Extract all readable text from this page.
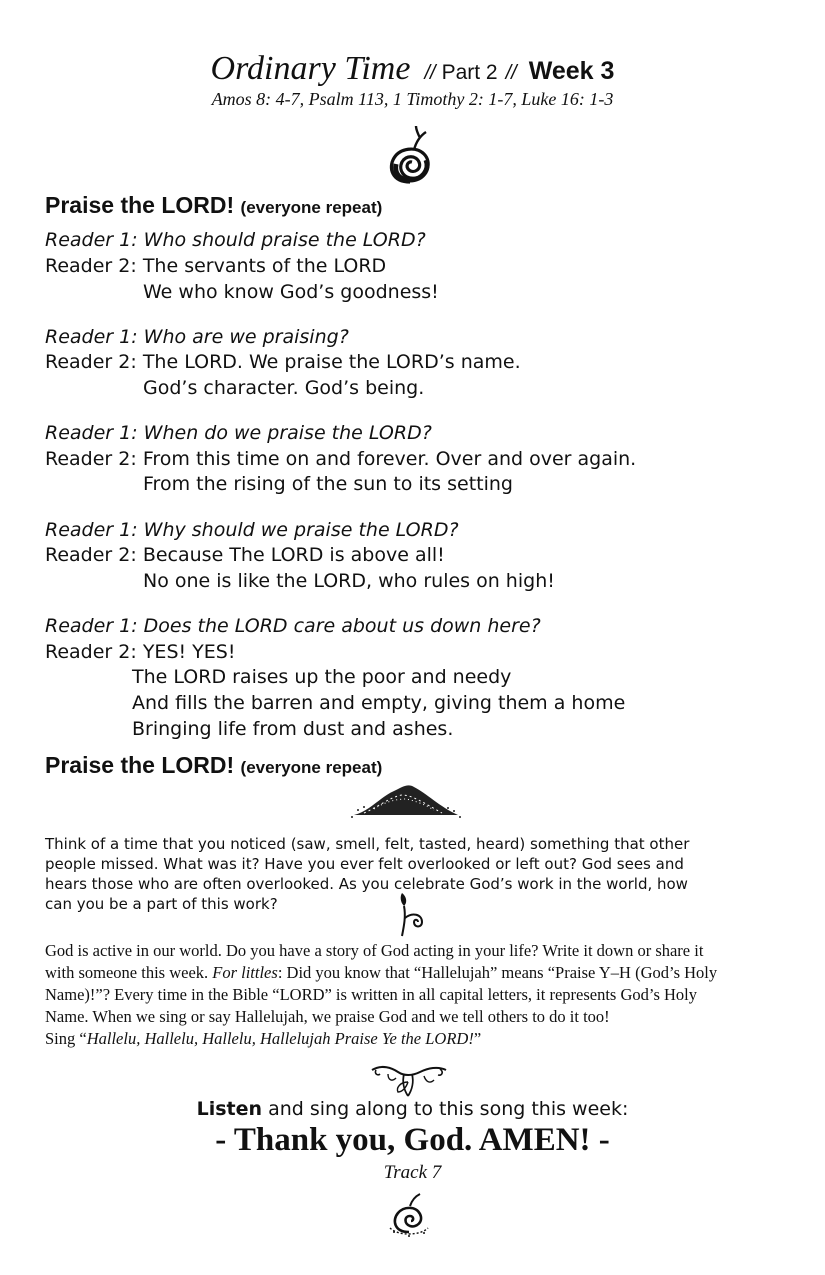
Ordinary Time // Part 2 // Week 3
Amos 8: 4-7, Psalm 113, 1 Timothy 2: 1-7, Luke 16: 1-3
Praise the LORD! (everyone repeat)
Reader 1: Who should praise the LORD?
Reader 2: The servants of the LORD
We who know God’s goodness!
Reader 1: Who are we praising?
Reader 2: The LORD. We praise the LORD’s name.
God’s character. God’s being.
Reader 1: When do we praise the LORD?
Reader 2: From this time on and forever. Over and over again.
From the rising of the sun to its setting
Reader 1: Why should we praise the LORD?
Reader 2: Because The LORD is above all!
No one is like the LORD, who rules on high!
Reader 1: Does the LORD care about us down here?
Reader 2: YES! YES!
The LORD raises up the poor and needy
And fills the barren and empty, giving them a home
Bringing life from dust and ashes.
Praise the LORD! (everyone repeat)
Think of a time that you noticed (saw, smell, felt, tasted, heard) something that other
people missed. What was it? Have you ever felt overlooked or left out? God sees and
hears those who are often overlooked. As you celebrate God’s work in the world, how
can you be a part of this work?
God is active in our world. Do you have a story of God acting in your life? Write it down or share it
with someone this week. For littles: Did you know that “Hallelujah” means “Praise Y–H (God’s Holy
Name)!”? Every time in the Bible “LORD” is written in all capital letters, it represents God’s Holy
Name. When we sing or say Hallelujah, we praise God and we tell others to do it too!
Sing “Hallelu, Hallelu, Hallelu, Hallelujah Praise Ye the LORD!”
Listen and sing along to this song this week:
- Thank you, God. AMEN! -
Track 7
